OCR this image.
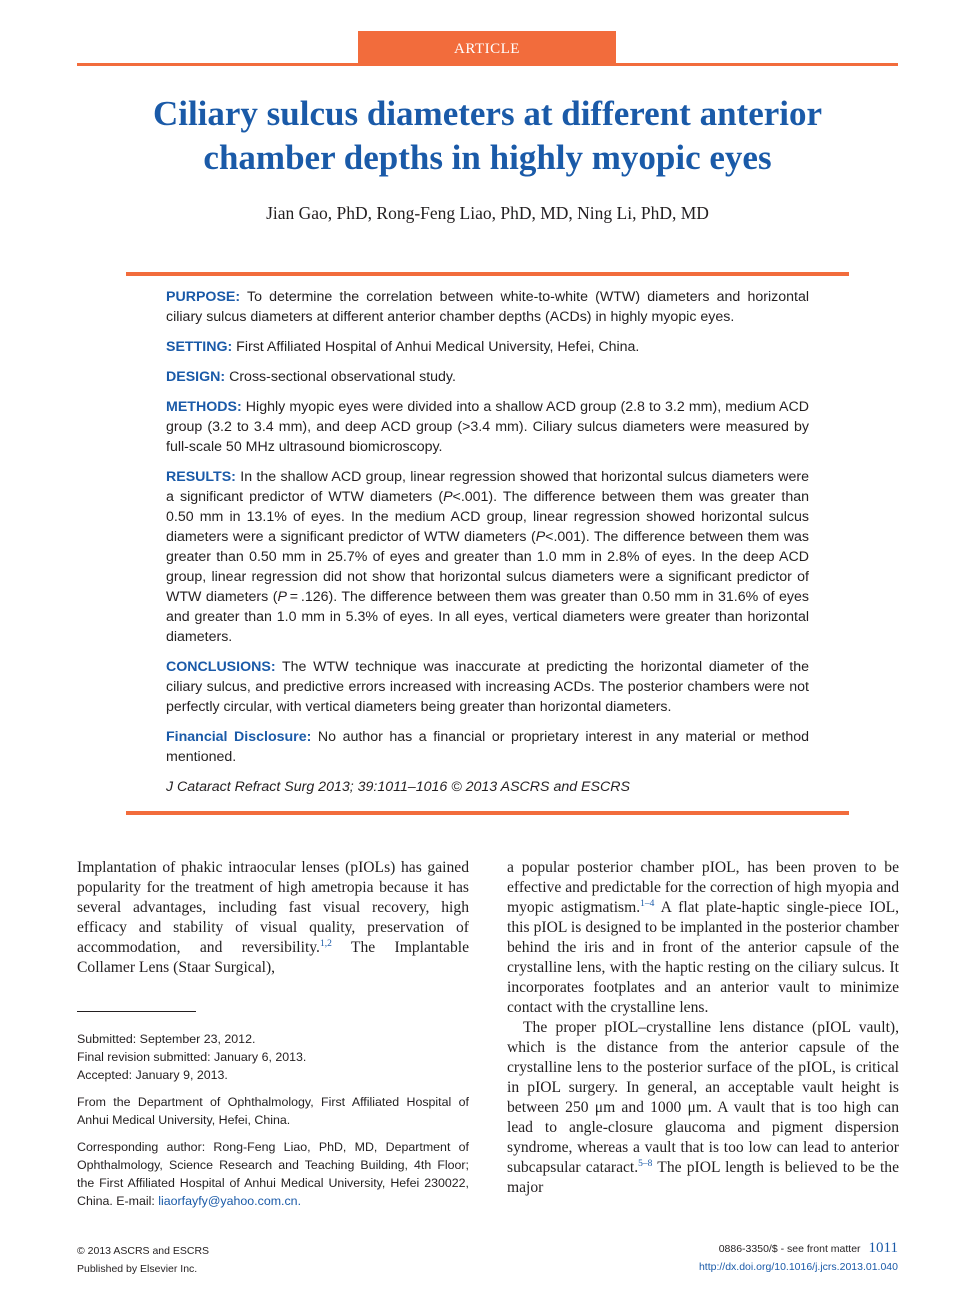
ARTICLE
Ciliary sulcus diameters at different anterior
chamber depths in highly myopic eyes
Jian Gao, PhD, Rong-Feng Liao, PhD, MD, Ning Li, PhD, MD

PURPOSE: To determine the correlation between white-to-white (WTW) diameters and horizontal ciliary sulcus diameters at different anterior chamber depths (ACDs) in highly myopic eyes.

SETTING: First Affiliated Hospital of Anhui Medical University, Hefei, China.

DESIGN: Cross-sectional observational study.

METHODS: Highly myopic eyes were divided into a shallow ACD group (2.8 to 3.2 mm), medium ACD group (3.2 to 3.4 mm), and deep ACD group (>3.4 mm). Ciliary sulcus diameters were measured by full-scale 50 MHz ultrasound biomicroscopy.

RESULTS: In the shallow ACD group, linear regression showed that horizontal sulcus diameters were a significant predictor of WTW diameters (P<.001). The difference between them was greater than 0.50 mm in 13.1% of eyes. In the medium ACD group, linear regression showed horizontal sulcus diameters were a significant predictor of WTW diameters (P<.001). The difference between them was greater than 0.50 mm in 25.7% of eyes and greater than 1.0 mm in 2.8% of eyes. In the deep ACD group, linear regression did not show that horizontal sulcus diameters were a significant predictor of WTW diameters (P = .126). The difference between them was greater than 0.50 mm in 31.6% of eyes and greater than 1.0 mm in 5.3% of eyes. In all eyes, vertical diameters were greater than horizontal diameters.

CONCLUSIONS: The WTW technique was inaccurate at predicting the horizontal diameter of the ciliary sulcus, and predictive errors increased with increasing ACDs. The posterior chambers were not perfectly circular, with vertical diameters being greater than horizontal diameters.

Financial Disclosure: No author has a financial or proprietary interest in any material or method mentioned.

J Cataract Refract Surg 2013; 39:1011–1016 © 2013 ASCRS and ESCRS

Implantation of phakic intraocular lenses (pIOLs) has gained popularity for the treatment of high ametropia because it has several advantages, including fast visual recovery, high efficacy and stability of visual quality, preservation of accommodation, and reversibility.$^{1,2}$ The Implantable Collamer Lens (Staar Surgical),

Submitted: September 23, 2012.
Final revision submitted: January 6, 2013.
Accepted: January 9, 2013.

From the Department of Ophthalmology, First Affiliated Hospital of Anhui Medical University, Hefei, China.

Corresponding author: Rong-Feng Liao, PhD, MD, Department of Ophthalmology, Science Research and Teaching Building, 4th Floor; the First Affiliated Hospital of Anhui Medical University, Hefei 230022, China. E-mail: liaorfayfy@yahoo.com.cn.

a popular posterior chamber pIOL, has been proven to be effective and predictable for the correction of high myopia and myopic astigmatism.$^{1-4}$ A flat plate-haptic single-piece IOL, this pIOL is designed to be implanted in the posterior chamber behind the iris and in front of the anterior capsule of the crystalline lens, with the haptic resting on the ciliary sulcus. It incorporates footplates and an anterior vault to minimize contact with the crystalline lens.

The proper pIOL–crystalline lens distance (pIOL vault), which is the distance from the anterior capsule of the crystalline lens to the posterior surface of the pIOL, is critical in pIOL surgery. In general, an acceptable vault height is between 250 μm and 1000 μm. A vault that is too high can lead to angle-closure glaucoma and pigment dispersion syndrome, whereas a vault that is too low can lead to anterior subcapsular cataract.$^{5-8}$ The pIOL length is believed to be the major

© 2013 ASCRS and ESCRS
Published by Elsevier Inc.
0886-3350/$ - see front matter 1011
http://dx.doi.org/10.1016/j.jcrs.2013.01.040
